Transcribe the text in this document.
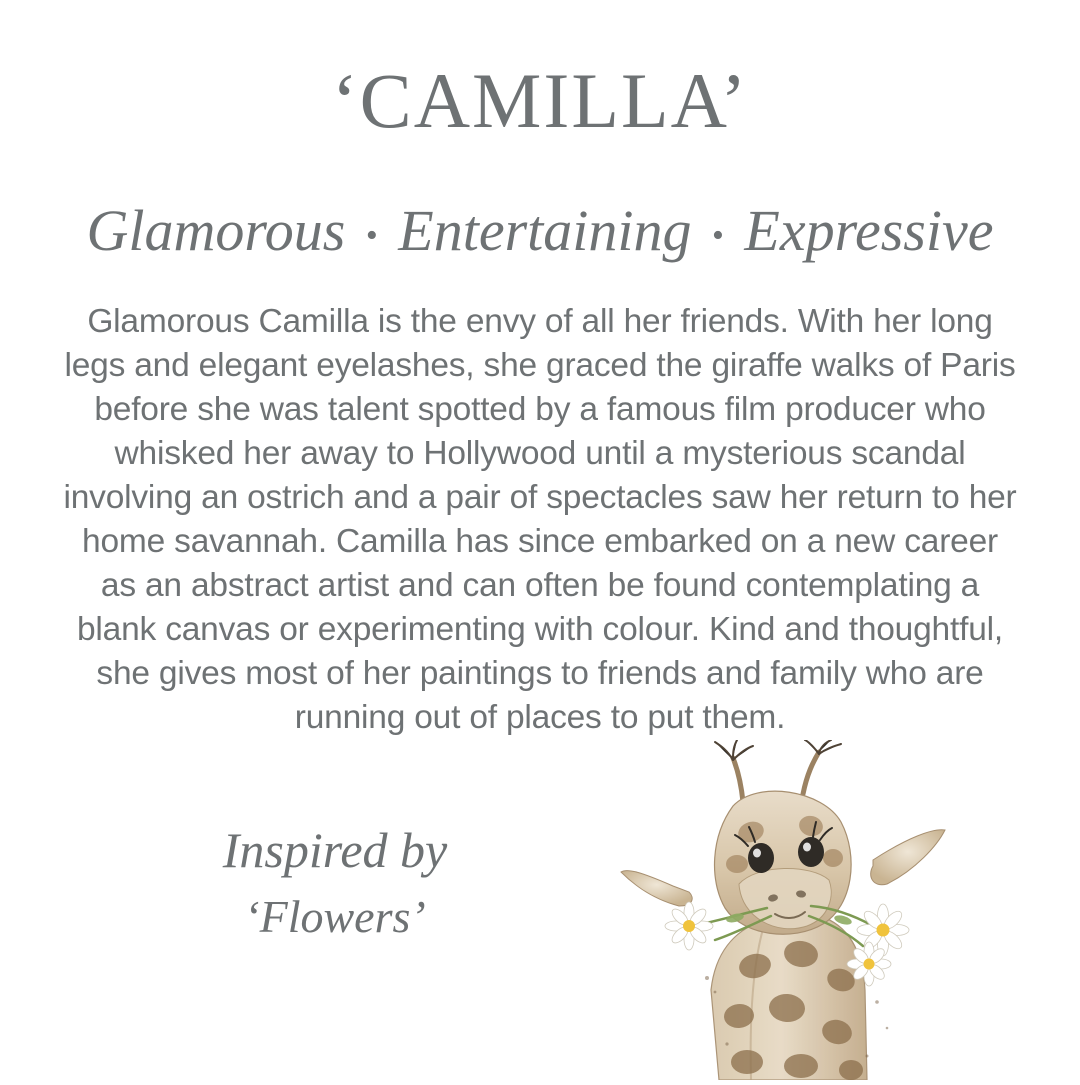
‘CAMILLA’
Glamorous • Entertaining • Expressive
Glamorous Camilla is the envy of all her friends. With her long legs and elegant eyelashes, she graced the giraffe walks of Paris before she was talent spotted by a famous film producer who whisked her away to Hollywood until a mysterious scandal involving an ostrich and a pair of spectacles saw her return to her home savannah. Camilla has since embarked on a new career as an abstract artist and can often be found contemplating a blank canvas or experimenting with colour. Kind and thoughtful, she gives most of her paintings to friends and family who are running out of places to put them.
Inspired by
‘Flowers’
